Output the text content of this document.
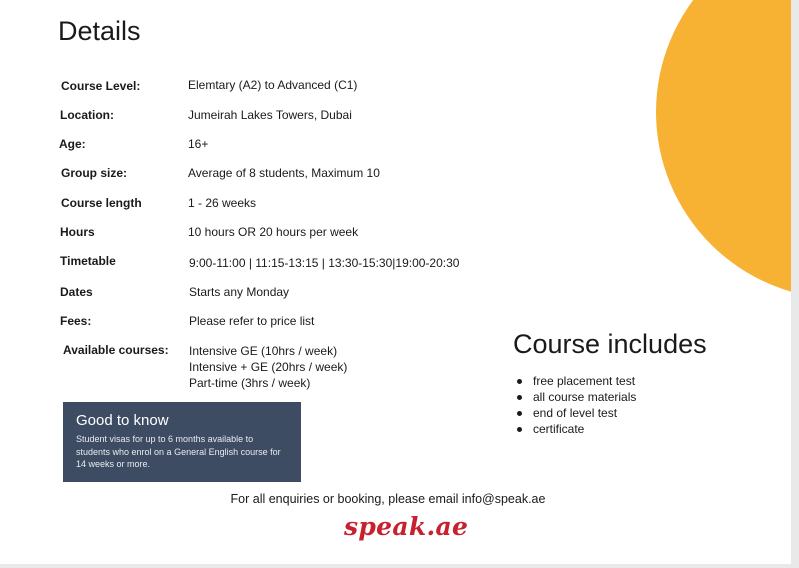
Details
Course Level:	Elemtary (A2) to Advanced (C1)
Location:	Jumeirah Lakes Towers, Dubai
Age:	16+
Group size:	Average of 8 students, Maximum 10
Course length	1 - 26 weeks
Hours	10 hours OR 20 hours per week
Timetable	9:00-11:00 | 11:15-13:15 | 13:30-15:30|19:00-20:30
Dates	Starts any Monday
Fees:	Please refer to price list
Available courses: Intensive GE (10hrs / week)
Intensive + GE (20hrs / week)
Part-time (3hrs / week)
Good to know
Student visas for up to 6 months available to students who enrol on a General English course for 14 weeks or more.
Course includes
free placement test
all course materials
end of level test
certificate
For all enquiries or booking, please email info@speak.ae
speak.ae
